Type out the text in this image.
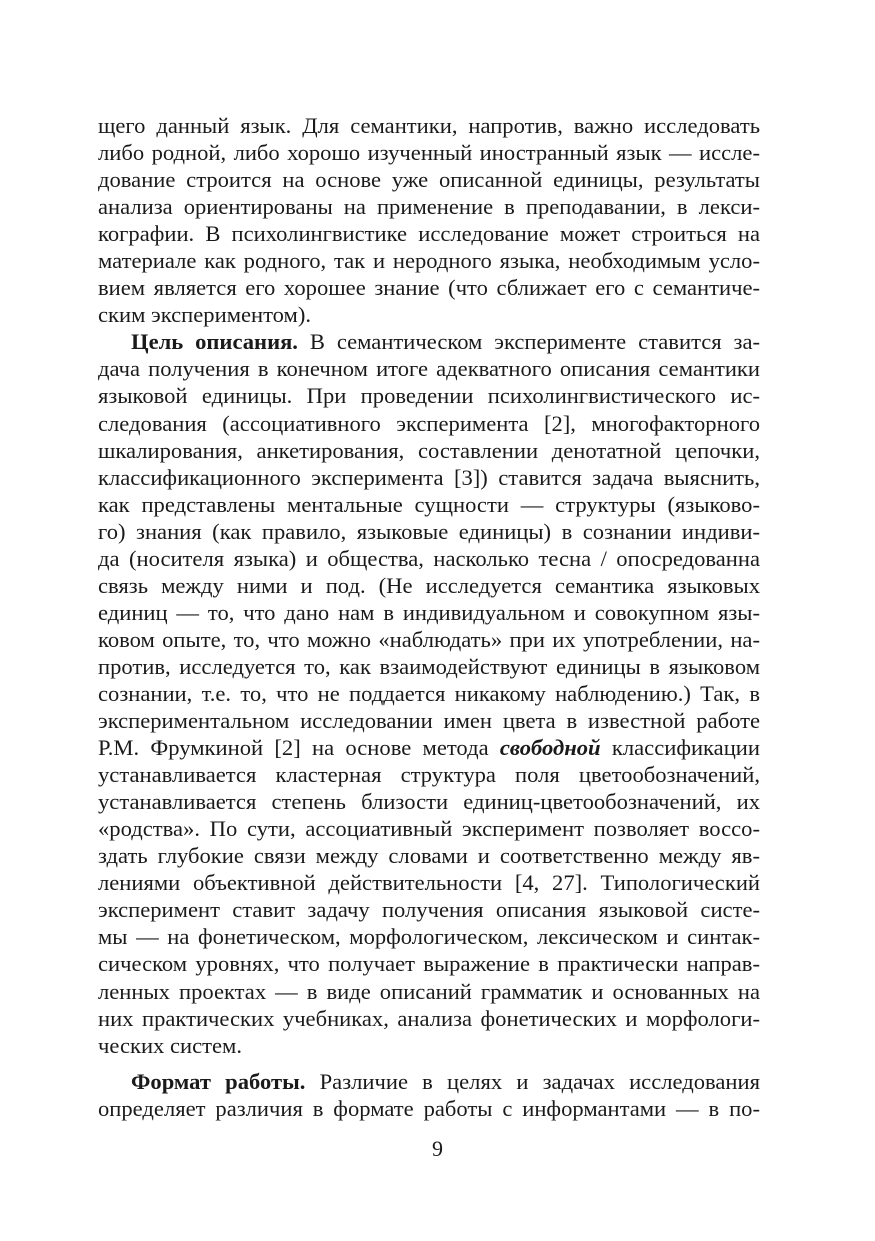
щего данный язык. Для семантики, напротив, важно исследовать
либо родной, либо хорошо изученный иностранный язык — иссле-
дование строится на основе уже описанной единицы, результаты
анализа ориентированы на применение в преподавании, в лекси-
кографии. В психолингвистике исследование может строиться на
материале как родного, так и неродного языка, необходимым усло-
вием является его хорошее знание (что сближает его с семантиче-
ским экспериментом).
Цель описания. В семантическом эксперименте ставится за-
дача получения в конечном итоге адекватного описания семантики
языковой единицы. При проведении психолингвистического ис-
следования (ассоциативного эксперимента [2], многофакторного
шкалирования, анкетирования, составлении денотатной цепочки,
классификационного эксперимента [3]) ставится задача выяснить,
как представлены ментальные сущности — структуры (языково-
го) знания (как правило, языковые единицы) в сознании индиви-
да (носителя языка) и общества, насколько тесна / опосредованна
связь между ними и под. (Не исследуется семантика языковых
единиц — то, что дано нам в индивидуальном и совокупном язы-
ковом опыте, то, что можно «наблюдать» при их употреблении, на-
против, исследуется то, как взаимодействуют единицы в языковом
сознании, т.е. то, что не поддается никакому наблюдению.) Так, в
экспериментальном исследовании имен цвета в известной работе
Р.М. Фрумкиной [2] на основе метода свободной классификации
устанавливается кластерная структура поля цветообозначений,
устанавливается степень близости единиц-цветообозначений, их
«родства». По сути, ассоциативный эксперимент позволяет воссо-
здать глубокие связи между словами и соответственно между яв-
лениями объективной действительности [4, 27]. Типологический
эксперимент ставит задачу получения описания языковой систе-
мы — на фонетическом, морфологическом, лексическом и синтак-
сическом уровнях, что получает выражение в практически направ-
ленных проектах — в виде описаний грамматик и основанных на
них практических учебниках, анализа фонетических и морфологи-
ческих систем.
Формат работы. Различие в целях и задачах исследования
определяет различия в формате работы с информантами — в по-
9
